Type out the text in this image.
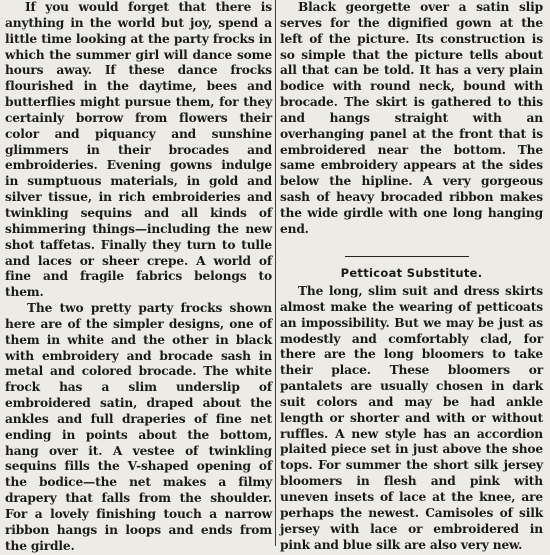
If you would forget that there is anything in the world but joy, spend a little time looking at the party frocks in which the summer girl will dance some hours away. If these dance frocks flourished in the daytime, bees and butterflies might pursue them, for they certainly borrow from flowers their color and piquancy and sunshine glimmers in their brocades and embroideries. Evening gowns indulge in sumptuous materials, in gold and silver tissue, in rich embroideries and twinkling sequins and all kinds of shimmering things—including the new shot taffetas. Finally they turn to tulle and laces or sheer crepe. A world of fine and fragile fabrics belongs to them.

The two pretty party frocks shown here are of the simpler designs, one of them in white and the other in black with embroidery and brocade sash in metal and colored brocade. The white frock has a slim underslip of embroidered satin, draped about the ankles and full draperies of fine net ending in points about the bottom, hang over it. A vestee of twinkling sequins fills the V-shaped opening of the bodice—the net makes a filmy drapery that falls from the shoulder. For a lovely finishing touch a narrow ribbon hangs in loops and ends from the girdle.

Black georgette over a satin slip serves for the dignified gown at the left of the picture. Its construction is so simple that the picture tells about all that can be told. It has a very plain bodice with round neck, bound with brocade. The skirt is gathered to this and hangs straight with an overhanging panel at the front that is embroidered near the bottom. The same embroidery appears at the sides below the hipline. A very gorgeous sash of heavy brocaded ribbon makes the wide girdle with one long hanging end.

Petticoat Substitute.

The long, slim suit and dress skirts almost make the wearing of petticoats an impossibility. But we may be just as modestly and comfortably clad, for there are the long bloomers to take their place. These bloomers or pantalets are usually chosen in dark suit colors and may be had ankle length or shorter and with or without ruffles. A new style has an accordion plaited piece set in just above the shoe tops. For summer the short silk jersey bloomers in flesh and pink with uneven insets of lace at the knee, are perhaps the newest. Camisoles of silk jersey with lace or embroidered in pink and blue silk are also very new.
